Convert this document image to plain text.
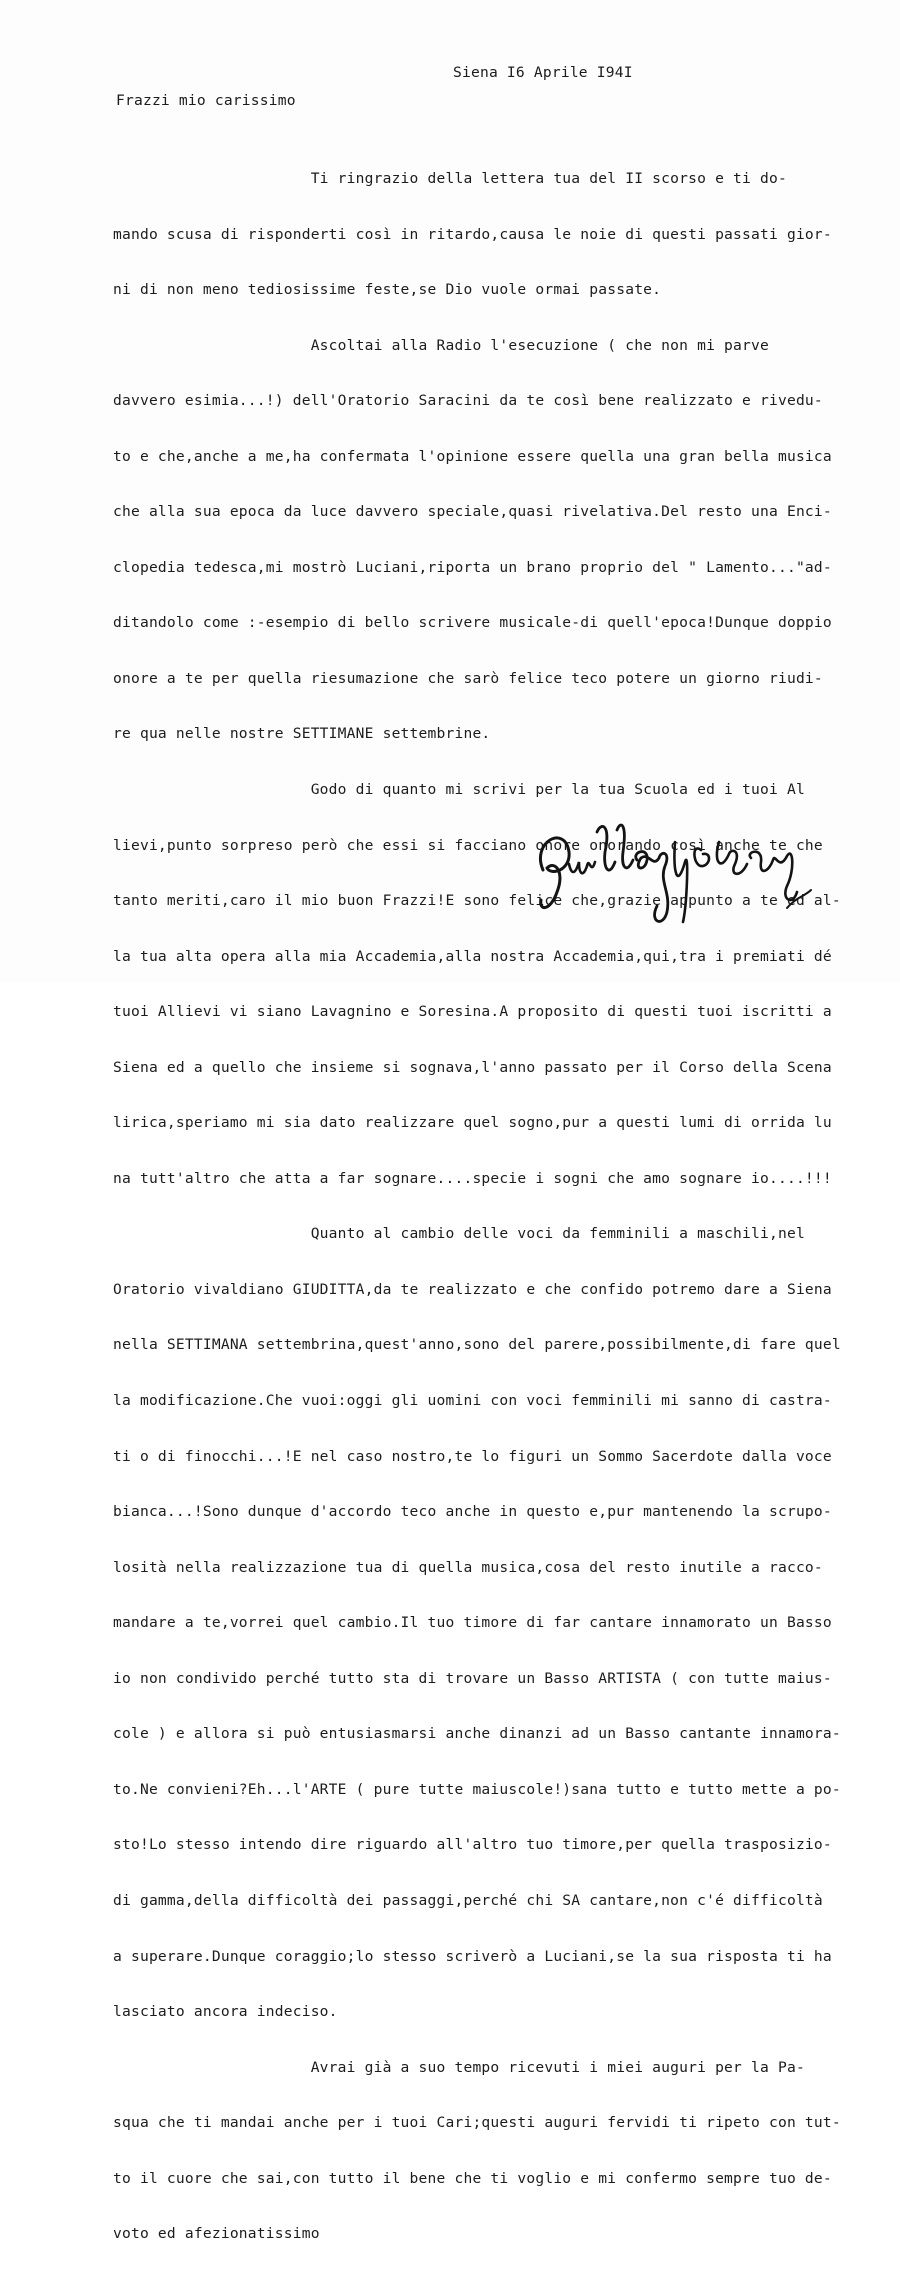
Siena I6 Aprile I94I
Frazzi mio carissimo

Ti ringrazio della lettera tua del II scorso e ti do-

mando scusa di risponderti così in ritardo,causa le noie di questi passati gior-

ni di non meno tediosissime feste,se Dio vuole ormai passate.

Ascoltai alla Radio l'esecuzione ( che non mi parve

davvero esimia...!) dell'Oratorio Saracini da te così bene realizzato e rivedu-

to e che,anche a me,ha confermata l'opinione essere quella una gran bella musica

che alla sua epoca da luce davvero speciale,quasi rivelativa.Del resto una Enci-

clopedia tedesca,mi mostrò Luciani,riporta un brano proprio del " Lamento..."ad-

ditandolo come :-esempio di bello scrivere musicale-di quell'epoca!Dunque doppio

onore a te per quella riesumazione che sarò felice teco potere un giorno riudi-

re qua nelle nostre SETTIMANE settembrine.

Godo di quanto mi scrivi per la tua Scuola ed i tuoi Al

lievi,punto sorpreso però che essi si facciano onore onorando così anche te che

tanto meriti,caro il mio buon Frazzi!E sono felice che,grazie appunto a te ed al-

la tua alta opera alla mia Accademia,alla nostra Accademia,qui,tra i premiati dé

tuoi Allievi vi siano Lavagnino e Soresina.A proposito di questi tuoi iscritti a

Siena ed a quello che insieme si sognava,l'anno passato per il Corso della Scena

lirica,speriamo mi sia dato realizzare quel sogno,pur a questi lumi di orrida lu

na tutt'altro che atta a far sognare....specie i sogni che amo sognare io....!!!

Quanto al cambio delle voci da femminili a maschili,nel

Oratorio vivaldiano GIUDITTA,da te realizzato e che confido potremo dare a Siena

nella SETTIMANA settembrina,quest'anno,sono del parere,possibilmente,di fare quel

la modificazione.Che vuoi:oggi gli uomini con voci femminili mi sanno di castra-

ti o di finocchi...!E nel caso nostro,te lo figuri un Sommo Sacerdote dalla voce

bianca...!Sono dunque d'accordo teco anche in questo e,pur mantenendo la scrupo-

losità nella realizzazione tua di quella musica,cosa del resto inutile a racco-

mandare a te,vorrei quel cambio.Il tuo timore di far cantare innamorato un Basso

io non condivido perché tutto sta di trovare un Basso ARTISTA ( con tutte maius-

cole ) e allora si può entusiasmarsi anche dinanzi ad un Basso cantante innamora-

to.Ne convieni?Eh...l'ARTE ( pure tutte maiuscole!)sana tutto e tutto mette a po-

sto!Lo stesso intendo dire riguardo all'altro tuo timore,per quella trasposizio-

di gamma,della difficoltà dei passaggi,perché chi SA cantare,non c'é difficoltà

a superare.Dunque coraggio;lo stesso scriverò a Luciani,se la sua risposta ti ha

lasciato ancora indeciso.

Avrai già a suo tempo ricevuti i miei auguri per la Pa-

squa che ti mandai anche per i tuoi Cari;questi auguri fervidi ti ripeto con tut-

to il cuore che sai,con tutto il bene che ti voglio e mi confermo sempre tuo de-

voto ed afezionatissimo
